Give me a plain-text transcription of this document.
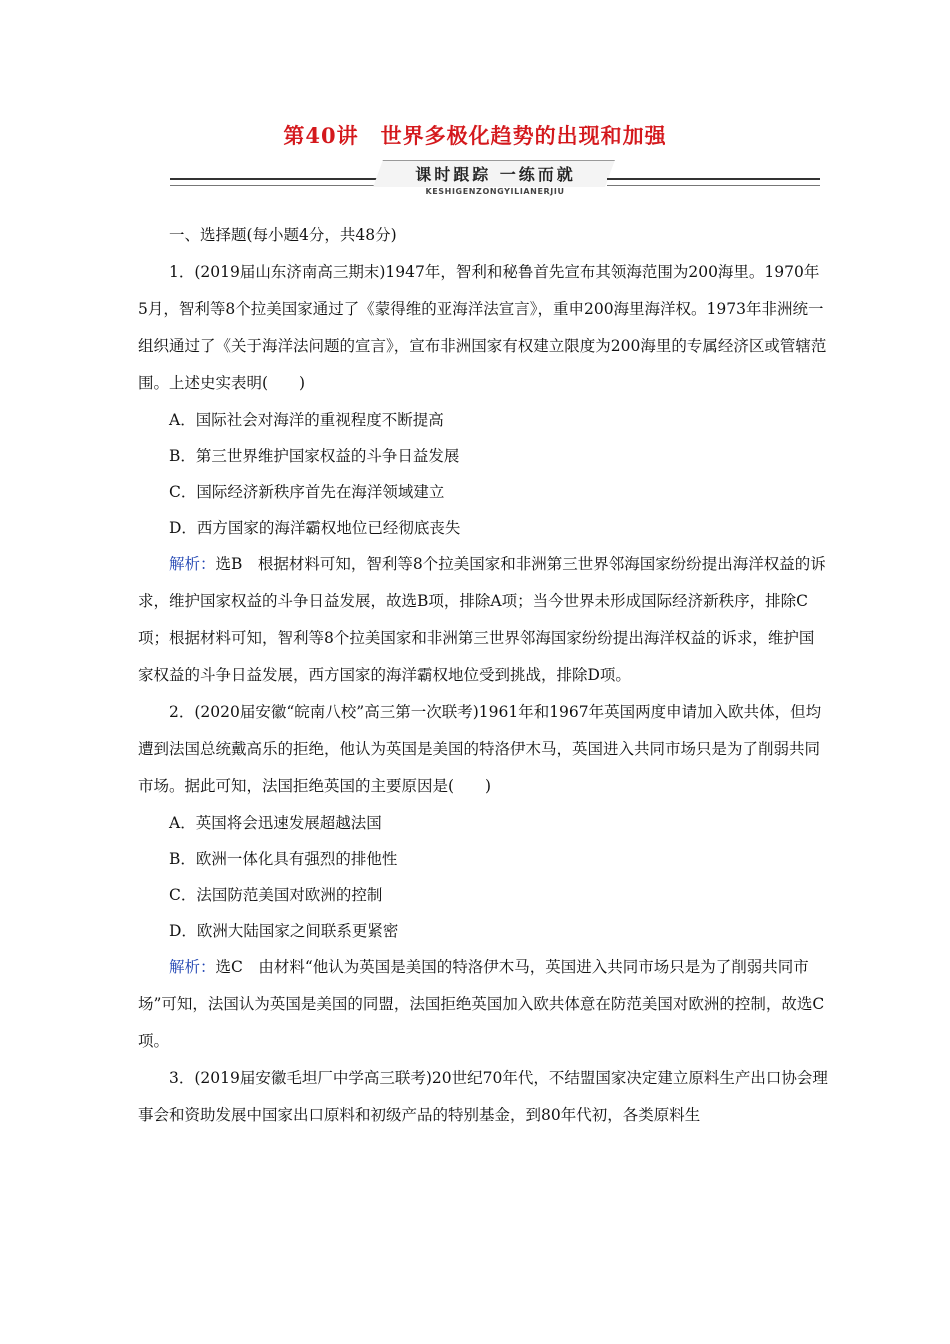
第40讲　世界多极化趋势的出现和加强
课时跟踪 一练而就
KESHIGENZONGYILIANERJIU

一、选择题(每小题4分，共48分)

1．(2019届山东济南高三期末)1947年，智利和秘鲁首先宣布其领海范围为200海里。1970年5月，智利等8个拉美国家通过了《蒙得维的亚海洋法宣言》，重申200海里海洋权。1973年非洲统一组织通过了《关于海洋法问题的宣言》，宣布非洲国家有权建立限度为200海里的专属经济区或管辖范围。上述史实表明(　　)

A．国际社会对海洋的重视程度不断提高

B．第三世界维护国家权益的斗争日益发展

C．国际经济新秩序首先在海洋领域建立

D．西方国家的海洋霸权地位已经彻底丧失

解析：选B　根据材料可知，智利等8个拉美国家和非洲第三世界邻海国家纷纷提出海洋权益的诉求，维护国家权益的斗争日益发展，故选B项，排除A项；当今世界未形成国际经济新秩序，排除C项；根据材料可知，智利等8个拉美国家和非洲第三世界邻海国家纷纷提出海洋权益的诉求，维护国家权益的斗争日益发展，西方国家的海洋霸权地位受到挑战，排除D项。

2．(2020届安徽“皖南八校”高三第一次联考)1961年和1967年英国两度申请加入欧共体，但均遭到法国总统戴高乐的拒绝，他认为英国是美国的特洛伊木马，英国进入共同市场只是为了削弱共同市场。据此可知，法国拒绝英国的主要原因是(　　)

A．英国将会迅速发展超越法国

B．欧洲一体化具有强烈的排他性

C．法国防范美国对欧洲的控制

D．欧洲大陆国家之间联系更紧密

解析：选C　由材料“他认为英国是美国的特洛伊木马，英国进入共同市场只是为了削弱共同市场”可知，法国认为英国是美国的同盟，法国拒绝英国加入欧共体意在防范美国对欧洲的控制，故选C项。

3．(2019届安徽毛坦厂中学高三联考)20世纪70年代，不结盟国家决定建立原料生产出口协会理事会和资助发展中国家出口原料和初级产品的特别基金，到80年代初，各类原料生
